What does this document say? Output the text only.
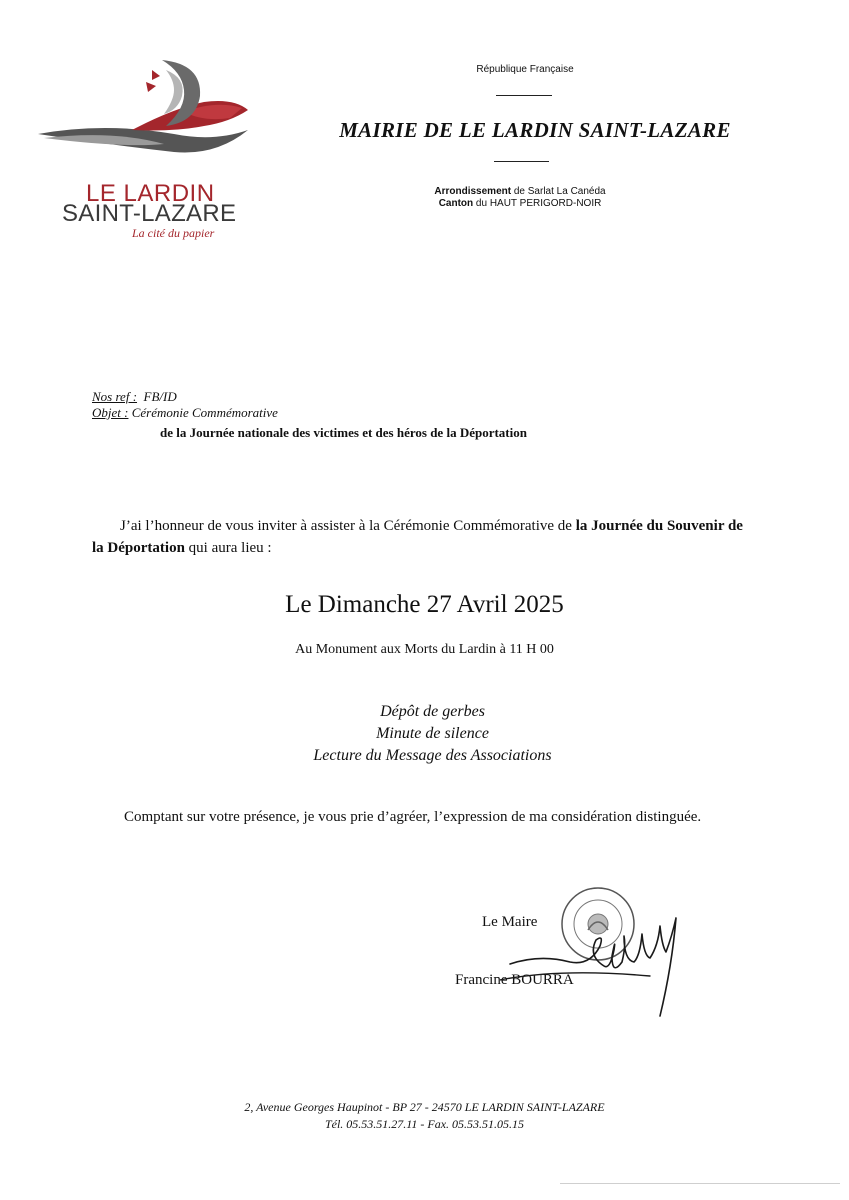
LE LARDIN
SAINT-LAZARE
La cité du papier
République Française
MAIRIE DE LE LARDIN SAINT-LAZARE
Arrondissement de Sarlat La Canéda
Canton du HAUT PERIGORD-NOIR
Nos ref : FB/ID
Objet : Cérémonie Commémorative
de la Journée nationale des victimes et des héros de la Déportation
J’ai l’honneur de vous inviter à assister à la Cérémonie Commémorative de la Journée du Souvenir de la Déportation qui aura lieu :
Le Dimanche 27 Avril 2025
Au Monument aux Morts du Lardin à 11 H 00
Dépôt de gerbes
Minute de silence
Lecture du Message des Associations
Comptant sur votre présence, je vous prie d’agréer, l’expression de ma considération distinguée.
Le Maire
Francine BOURRA
2, Avenue Georges Haupinot - BP 27 - 24570 LE LARDIN SAINT-LAZARE
Tél. 05.53.51.27.11 - Fax. 05.53.51.05.15
